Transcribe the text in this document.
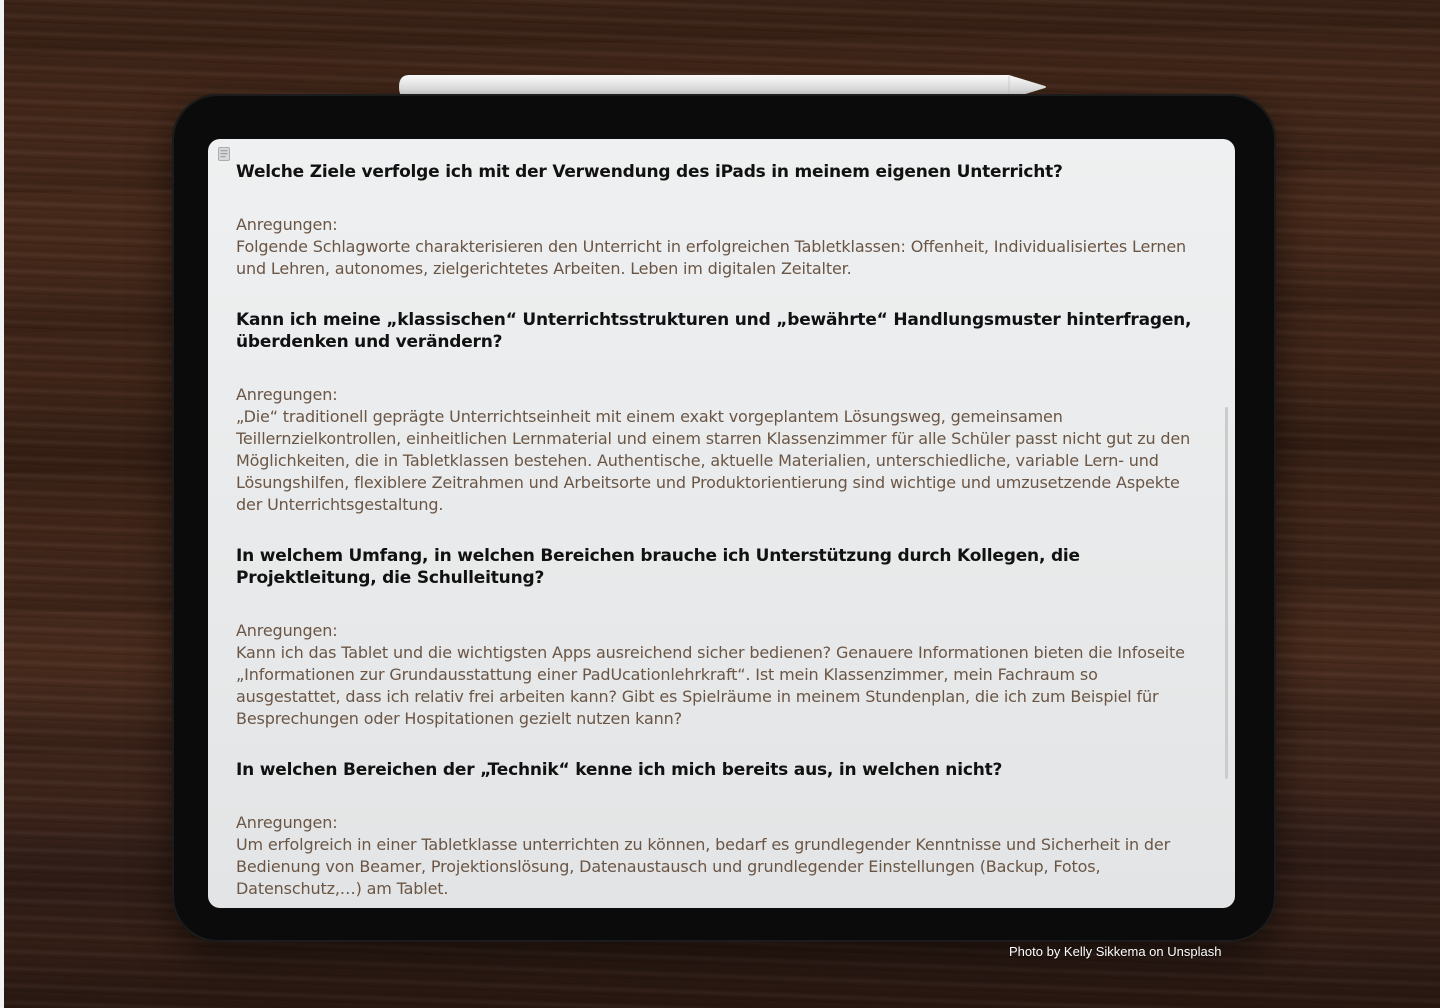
Welche Ziele verfolge ich mit der Verwendung des iPads in meinem eigenen Unterricht?

Anregungen:

Folgende Schlagworte charakterisieren den Unterricht in erfolgreichen Tabletklassen: Offenheit, Individualisiertes Lernen und Lehren, autonomes, zielgerichtetes Arbeiten. Leben im digitalen Zeitalter.

Kann ich meine „klassischen“ Unterrichtsstrukturen und „bewährte“ Handlungsmuster hinterfragen, überdenken und verändern?

Anregungen:

„Die“ traditionell geprägte Unterrichtseinheit mit einem exakt vorgeplantem Lösungsweg, gemeinsamen Teillernzielkontrollen, einheitlichen Lernmaterial und einem starren Klassenzimmer für alle Schüler passt nicht gut zu den Möglichkeiten, die in Tabletklassen bestehen. Authentische, aktuelle Materialien, unterschiedliche, variable Lern- und Lösungshilfen, flexiblere Zeitrahmen und Arbeitsorte und Produktorientierung sind wichtige und umzusetzende Aspekte der Unterrichtsgestaltung.

In welchem Umfang, in welchen Bereichen brauche ich Unterstützung durch Kollegen, die Projektleitung, die Schulleitung?

Anregungen:

Kann ich das Tablet und die wichtigsten Apps ausreichend sicher bedienen? Genauere Informationen bieten die Infoseite „Informationen zur Grundausstattung einer PadUcationlehrkraft“. Ist mein Klassenzimmer, mein Fachraum so ausgestattet, dass ich relativ frei arbeiten kann? Gibt es Spielräume in meinem Stundenplan, die ich zum Beispiel für Besprechungen oder Hospitationen gezielt nutzen kann?

In welchen Bereichen der „Technik“ kenne ich mich bereits aus, in welchen nicht?

Anregungen:

Um erfolgreich in einer Tabletklasse unterrichten zu können, bedarf es grundlegender Kenntnisse und Sicherheit in der Bedienung von Beamer, Projektionslösung, Datenaustausch und grundlegender Einstellungen (Backup, Fotos, Datenschutz,…) am Tablet.

Photo by Kelly Sikkema on Unsplash
